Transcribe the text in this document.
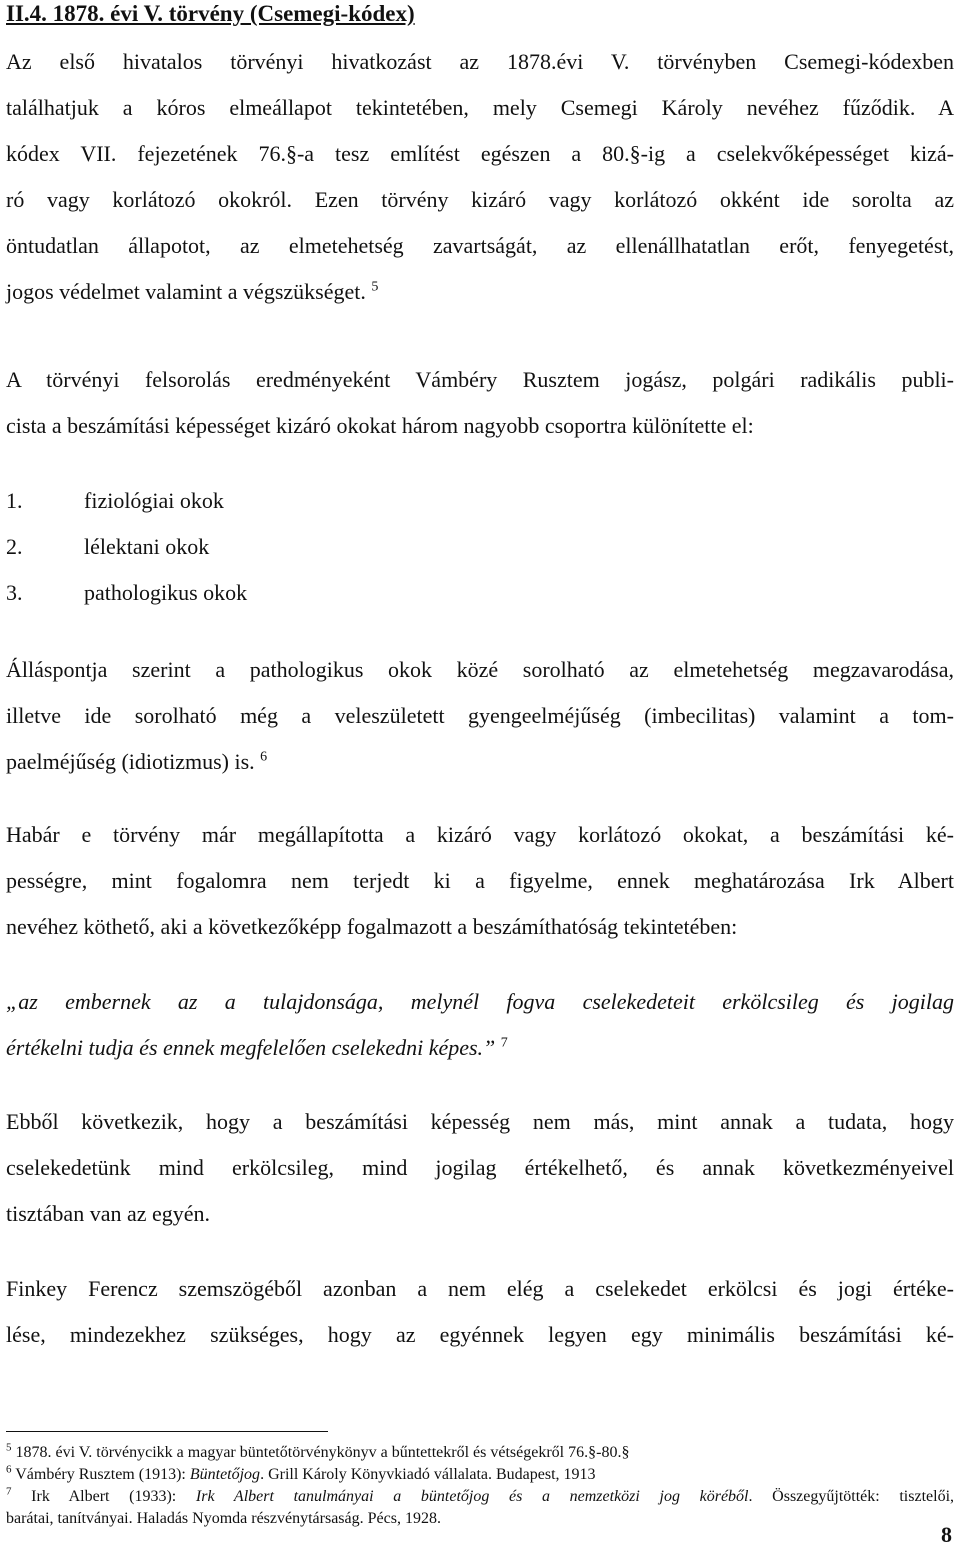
II.4. 1878. évi V. törvény (Csemegi-kódex)
Az első hivatalos törvényi hivatkozást az 1878.évi V. törvényben Csemegi-kódexben
találhatjuk a kóros elmeállapot tekintetében, mely Csemegi Károly nevéhez fűződik. A
kódex VII. fejezetének 76.§-a tesz említést egészen a 80.§-ig a cselekvőképességet kizá-
ró vagy korlátozó okokról. Ezen törvény kizáró vagy korlátozó okként ide sorolta az
öntudatlan állapotot, az elmetehetség zavartságát, az ellenállhatatlan erőt, fenyegetést,
jogos védelmet valamint a végszükséget. $^5$
A törvényi felsorolás eredményeként Vámbéry Rusztem jogász, polgári radikális publi-
cista a beszámítási képességet kizáró okokat három nagyobb csoportra különítette el:
1.	fiziológiai okok
2.	lélektani okok
3.	pathologikus okok
Álláspontja szerint a pathologikus okok közé sorolható az elmetehetség megzavarodása,
illetve ide sorolható még a veleszületett gyengeelméjűség (imbecilitas) valamint a tom-
paelméjűség (idiotizmus) is. $^6$
Habár e törvény már megállapította a kizáró vagy korlátozó okokat, a beszámítási ké-
pességre, mint fogalomra nem terjedt ki a figyelme, ennek meghatározása Irk Albert
nevéhez köthető, aki a következőképp fogalmazott a beszámíthatóság tekintetében:
„az embernek az a tulajdonsága, melynél fogva cselekedeteit erkölcsileg és jogilag
értékelni tudja és ennek megfelelően cselekedni képes.” $^7$
Ebből következik, hogy a beszámítási képesség nem más, mint annak a tudata, hogy
cselekedetünk mind erkölcsileg, mind jogilag értékelhető, és annak következményeivel
tisztában van az egyén.
Finkey Ferencz szemszögéből azonban a nem elég a cselekedet erkölcsi és jogi értéke-
lése, mindezekhez szükséges, hogy az egyénnek legyen egy minimális beszámítási ké-
$^5$ 1878. évi V. törvénycikk a magyar büntetőtörvénykönyv a bűntettekről és vétségekről 76.§-80.§
$^6$ Vámbéry Rusztem (1913): Büntetőjog. Grill Károly Könyvkiadó vállalata. Budapest, 1913
$^7$ Irk Albert (1933): Irk Albert tanulmányai a büntetőjog és a nemzetközi jog köréből. Összegyűjtötték: tisztelői,
barátai, tanítványai. Haladás Nyomda részvénytársaság. Pécs, 1928.
8
